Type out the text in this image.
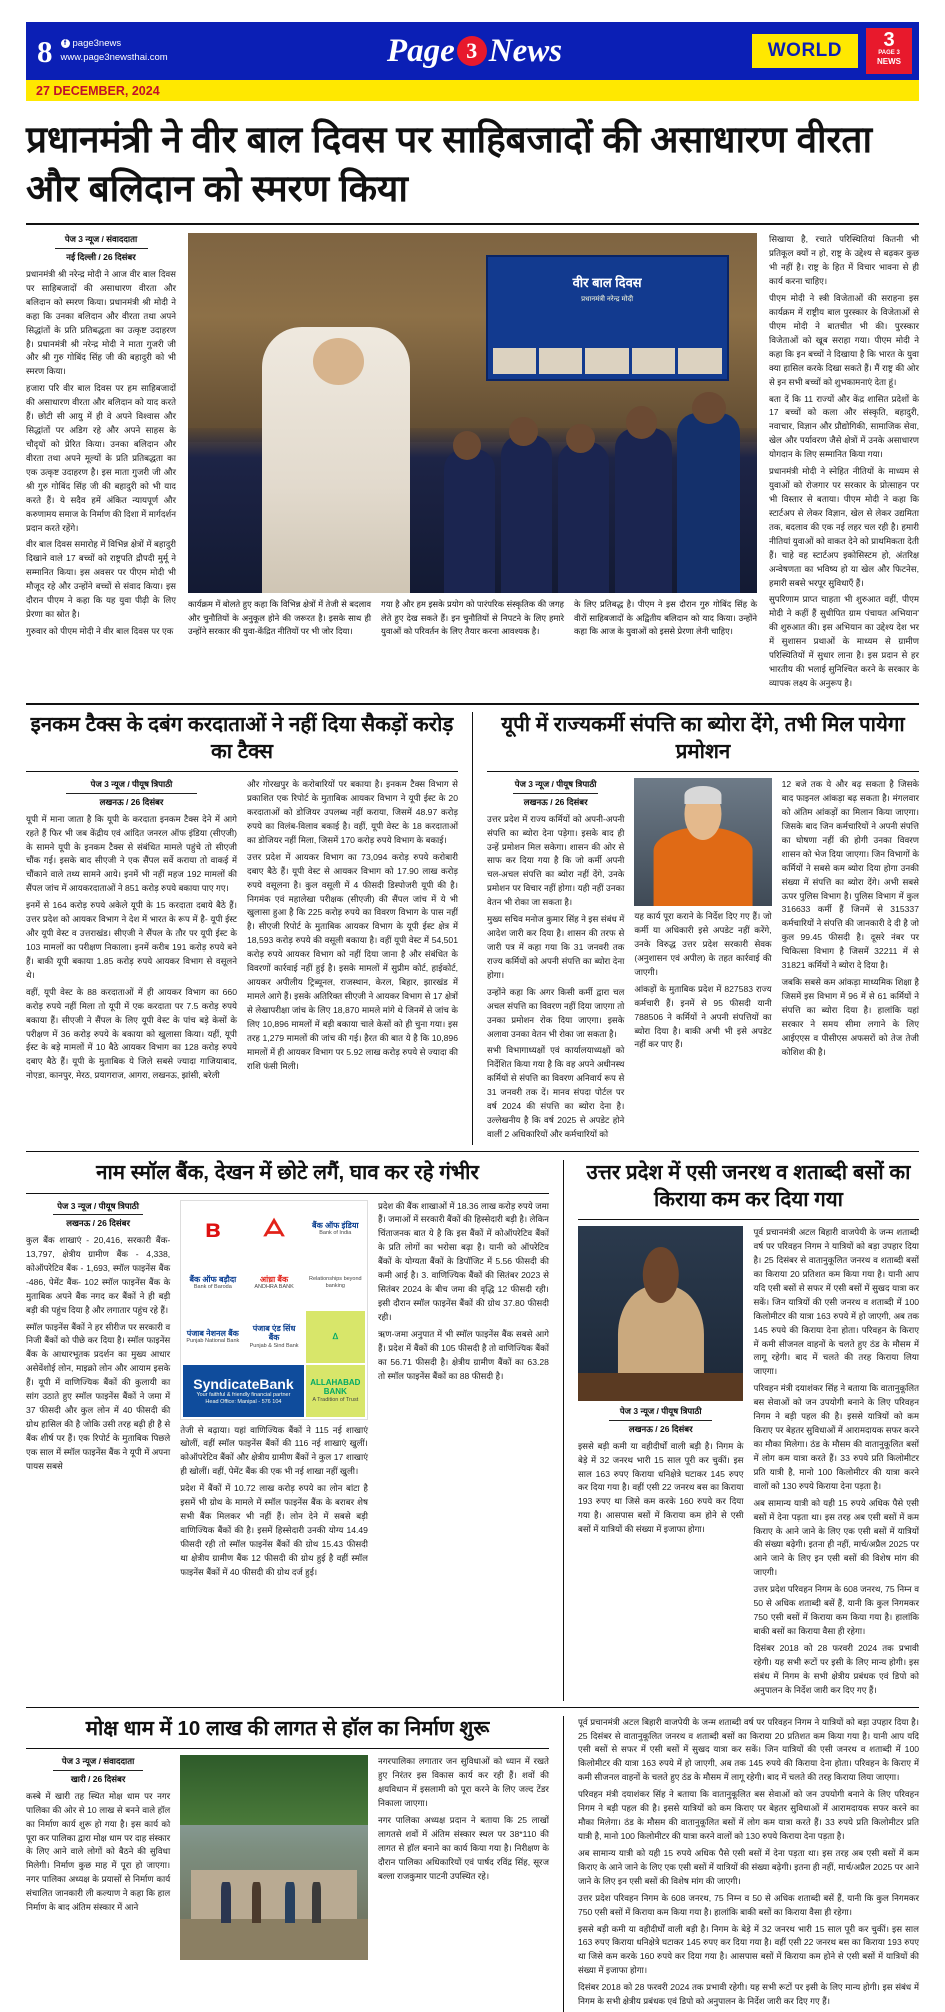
8	f page3news
www.page3newsthai.com	Page 3 News	WORLD	3
PAGE 3
NEWS
27 DECEMBER, 2024
प्रधानमंत्री ने वीर बाल दिवस पर साहिबजादों की असाधारण वीरता और बलिदान को स्मरण किया
पेज 3 न्यूज / संवाददाता
नई दिल्ली / 26 दिसंबर

प्रधानमंत्री श्री नरेन्द्र मोदी ने आज वीर बाल दिवस पर साहिबजादों की असाधारण वीरता और बलिदान को स्मरण किया। प्रधानमंत्री श्री मोदी ने कहा कि उनका बलिदान और वीरता तथा अपने सिद्धांतों के प्रति प्रतिबद्धता का उत्कृष्ट उदाहरण है। प्रधानमंत्री श्री नरेन्द्र मोदी ने माता गुजरी जी और श्री गुरु गोबिंद सिंह जी की बहादुरी को भी स्मरण किया।

हजारा परि वीर बाल दिवस पर हम साहिबजादों की असाधारण वीरता और बलिदान को याद करते हैं। छोटी सी आयु में ही वे अपने विश्वास और सिद्धांतों पर अडिग रहे और अपने साहस के चौदृयों को प्रेरित किया। उनका बलिदान और वीरता तथा अपने मूल्यों के प्रति प्रतिबद्धता का एक उत्कृष्ट उदाहरण है। इस माता गुजरी जी और श्री गुरु गोबिंद सिंह जी की बहादुरी को भी याद करते हैं। ये सदैव हमें अंकित न्यायपूर्ण और करुणामय समाज के निर्माण की दिशा में मार्गदर्शन प्रदान करते रहेंगे।

वीर बाल दिवस समारोह में विभिन्न क्षेत्रों में बहादुरी दिखाने वाले 17 बच्चों को राष्ट्रपति द्रौपदी मुर्मू ने सम्मानित किया। इस अवसर पर पीएम मोदी भी मौजूद रहे और उन्होंने बच्चों से संवाद किया। इस दौरान पीएम ने कहा कि यह युवा पीढ़ी के लिए प्रेरणा का स्रोत है।

गुरुवार को पीएम मोदी ने वीर बाल दिवस पर एक

वीर बाल दिवस
प्रधानमंत्री नरेन्द्र मोदी
कार्यक्रम में बोलते हुए कहा कि विभिन्न क्षेत्रों में तेजी से बदलाव और चुनौतियों के अनुकूल होने की जरूरत है। इसके साथ ही उन्होंने सरकार की युवा-केंद्रित नीतियों पर भी जोर दिया।
गया है और हम इसके प्रयोग को पारंपरिक संस्कृतिक की जगह लेते हुए देख सकते हैं। इन चुनौतियों से निपटने के लिए हमारे युवाओं को परिवर्तन के लिए तैयार करना आवश्यक है।
के लिए प्रतिबद्ध है। पीएम ने इस दौरान गुरु गोबिंद सिंह के वीरों साहिबजादों के अद्वितीय बलिदान को याद किया। उन्होंने कहा कि आज के युवाओं को इससे प्रेरणा लेनी चाहिए।

सिखाया है, रचाते परिस्थितियां कितनी भी प्रतिकूल क्यों न हो, राष्ट्र के उद्देश्य से बढ़कर कुछ भी नहीं है। राष्ट्र के हित में विचार भावना से ही कार्य करना चाहिए।

पीएम मोदी ने स्त्री विजेताओं की सराहना इस कार्यक्रम में राष्ट्रीय बाल पुरस्कार के विजेताओं से पीएम मोदी ने बातचीत भी की। पुरस्कार विजेताओं को खूब सराहा गया। पीएम मोदी ने कहा कि इन बच्चों ने दिखाया है कि भारत के युवा क्या हासिल करके दिखा सकते हैं। मैं राष्ट्र की ओर से इन सभी बच्चों को शुभकामनाएं देता हूं।

बता दें कि 11 राज्यों और केंद्र शासित प्रदेशों के 17 बच्चों को कला और संस्कृति, बहादुरी, नवाचार, विज्ञान और प्रौद्योगिकी, सामाजिक सेवा, खेल और पर्यावरण जैसे क्षेत्रों में उनके असाधारण योगदान के लिए सम्मानित किया गया।

प्रधानमंत्री मोदी ने स्नेहित नीतियों के माध्यम से युवाओं को रोजगार पर सरकार के प्रोत्साहन पर भी विस्तार से बताया। पीएम मोदी ने कहा कि स्टार्टअप से लेकर विज्ञान, खेल से लेकर उद्यमिता तक, बदलाव की एक नई लहर चल रही है। हमारी नीतियां युवाओं को वाकत देने को प्राथमिकता देती हैं। चाहे वह स्टार्टअप इकोसिस्टम हो, अंतरिक्ष अन्वेषणता का भविष्य हो या खेल और फिटनेस, हमारी सबसे भरपूर सुविधाएँ हैं।

सुपरिणाम प्राप्त चाहता भी शुरुआत वहीं, पीएम मोदी ने कहीं हैं सुधीपित ग्राम पंचायत अभियान' की शुरुआत की। इस अभियान का उद्देश्य देश भर में सुशासन प्रथाओं के माध्यम से ग्रामीण परिस्थितियों में सुधार लाना है। इस प्रदान से हर भारतीय की भलाई सुनिश्चित करने के सरकार के व्यापक लक्ष्य के अनुरूप है।

इनकम टैक्स के दबंग करदाताओं ने नहीं दिया सैकड़ों करोड़ का टैक्स
पेज 3 न्यूज / पीयूष त्रिपाठी
लखनऊ / 26 दिसंबर

यूपी में माना जाता है कि यूपी के करदाता इनकम टैक्स देने में आगे रहते हैं फिर भी जब केंद्रीय एवं आंदित जनरल ऑफ इंडिया (सीएजी) के सामने यूपी के इनकम टैक्स से संबंधित मामले पहुंचे तो सीएजी चौंक गई। इसके बाद सीएजी ने एक सैंपल सर्वे कराया तो वाकई में चौंकाने वाले तथ्य सामने आये। इनमें भी नहीं महज 192 मामलों की सैंपल जांच में आयकरदाताओं ने 851 करोड़ रुपये बकाया पाए गए।

इनमें से 164 करोड़ रुपये अकेले यूपी के 15 करदाता दबाये बैठे हैं। उत्तर प्रदेश को आयकर विभाग ने देश में भारत के रूप में है- यूपी ईस्ट और यूपी वेस्ट व उत्तराखंड। सीएजी ने सैंपल के तौर पर यूपी ईस्ट के 103 मामलों का परीक्षण निकाला। इनमें करीब 191 करोड़ रुपये बने हैं। बाकी यूपी बकाया 1.85 करोड़ रुपये आयकर विभाग से वसूलने थे।

वहीं, यूपी वेस्ट के 88 करदाताओं में ही आयकर विभाग का 660 करोड़ रुपये नहीं मिला तो यूपी में एक करदाता पर 7.5 करोड़ रुपये बकाया हैं। सीएजी ने सैंपल के लिए यूपी वेस्ट के पांच बड़े केसों के परीक्षण में 36 करोड़ रुपये के बकाया को खुलासा किया। यहीं, यूपी ईस्ट के बड़े मामलों में 10 बैठे आयकर विभाग का 128 करोड़ रुपये दबाए बैठे हैं। यूपी के मुताबिक ये जिले सबसे ज्यादा गाजियाबाद, नोएडा, कानपुर, मेरठ, प्रयागराज, आगरा, लखनऊ, झांसी, बरेली

और गोरखपुर के करोबारियों पर बकाया है। इनकम टैक्स विभाग से प्रकाशित एक रिपोर्ट के मुताबिक आयकर विभाग ने यूपी ईस्ट के 20 करदाताओं को डोजियर उपलब्ध नहीं कराया, जिसमें 48.97 करोड़ रुपये का विलंब-विलाव बकाई है। वहीं, यूपी वेस्ट के 18 करदाताओं का डोजियर नहीं मिला, जिसमें 170 करोड़ रुपये विभाग के बकाई।

उत्तर प्रदेश में आयकर विभाग का 73,094 करोड़ रुपये करोबारी दबाए बैठे हैं। यूपी वेस्ट से आयकर विभाग को 17.90 लाख करोड़ रुपये वसूलना है। कुल वसूली में 4 फीसदी डिस्पोजरी यूपी की है। निगमंक एवं महालेखा परीक्षक (सीएजी) की सैंपल जांच में ये भी खुलासा हुआ है कि 225 करोड़ रुपये का विवरण विभाग के पास नहीं है। सीएजी रिपोर्ट के मुताबिक आयकर विभाग के यूपी ईस्ट क्षेत्र में 18,593 करोड़ रुपये की वसूली बकाया है। वहीं यूपी वेस्ट में 54,501 करोड़ रुपये आयकर विभाग को नहीं दिया जाना है और संबंधित के विवरणों कार्रवाई नहीं हुई है। इसके मामलों में सुप्रीम कोर्ट, हाईकोर्ट, आयकर अपीलीय ट्रिब्यूनल, राजस्थान, केरल, बिहार, झारखंड में मामले आगे हैं। इसके अतिरिक्त सीएजी ने आयकर विभाग से 17 क्षेत्रों से लेखापरीक्षा जांच के लिए 18,870 मामले मांगे थे जिनमें से जांच के लिए 10,896 मामलों में बड़ी बकाया चाले केसों को ही चुना गया। इस तरह 1,279 मामलों की जांच की गई। हैरत की बात ये है कि 10,896 मामलों में ही आयकर विभाग पर 5.92 लाख करोड़ रुपये से ज्यादा की राशि फंसी मिली।

यूपी में राज्यकर्मी संपत्ति का ब्योरा देंगे, तभी मिल पायेगा प्रमोशन
पेज 3 न्यूज / पीयूष त्रिपाठी
लखनऊ / 26 दिसंबर

उत्तर प्रदेश में राज्य कर्मियों को अपनी-अपनी संपत्ति का ब्योरा देना पड़ेगा। इसके बाद ही उन्हें प्रमोशन मिल सकेगा। शासन की ओर से साफ कर दिया गया है कि जो कर्मी अपनी चल-अचल संपत्ति का ब्योरा नहीं देंगे, उनके प्रमोशन पर विचार नहीं होगा। यही नहीं उनका वेतन भी रोका जा सकता है।

मुख्य सचिव मनोज कुमार सिंह ने इस संबंध में आदेश जारी कर दिया है। शासन की तरफ से जारी पत्र में कहा गया कि 31 जनवरी तक राज्य कर्मियों को अपनी संपत्ति का ब्योरा देना होगा।

उन्होंने कहा कि अगर किसी कर्मी द्वारा चल अचल संपत्ति का विवरण नहीं दिया जाएगा तो उनका प्रमोशन रोक दिया जाएगा। इसके अलावा उनका वेतन भी रोका जा सकता है।

सभी विभागाध्यक्षों एवं कार्यालयाध्यक्षों को निर्देशित किया गया है कि वह अपने अधीनस्थ कर्मियों से संपत्ति का विवरण अनिवार्य रूप से 31 जनवरी तक दें। मानव संपदा पोर्टल पर वर्ष 2024 की संपत्ति का ब्योरा देना है। उल्लेखनीय है कि वर्ष 2025 से अपडेट होने वालीं 2 अधिकारियों और कर्मचारियों को

यह कार्य पूरा कराने के निर्देश दिए गए हैं। जो कर्मी या अधिकारी इसे अपडेट नहीं करेंगे, उनके विरुद्ध उत्तर प्रदेश सरकारी सेवक (अनुशासन एवं अपील) के तहत कार्रवाई की जाएगी।

आंकड़ों के मुताबिक प्रदेश में 827583 राज्य कर्मचारी हैं। इनमें से 95 फीसदी यानी 788506 ने कर्मियों ने अपनी संपत्तियों का ब्योरा दिया है। बाकी अभी भी इसे अपडेट नहीं कर पाए हैं।

12 बजे तक ये और बढ़ सकता है जिसके बाद फाइनल आंकड़ा बढ़ सकता है। मंगलवार को अंतिम आंकड़ों का मिलान किया जाएगा। जिसके बाद जिन कर्मचारियों ने अपनी संपत्ति का घोषणा नहीं की होगी उनका विवरण शासन को भेज दिया जाएगा। जिन विभागों के कर्मियों ने सबसे कम ब्योरा दिया होगा उनकी संख्या में संपत्ति का ब्योरा देंगे। अभी सबसे ऊपर पुलिस विभाग है। पुलिस विभाग में कुल 316633 कर्मी हैं जिनमें से 315337 कर्मचारियों ने संपत्ति की जानकारी दे दी है जो कुल 99.45 फीसदी है। दूसरे नंबर पर चिकित्सा विभाग है जिसमें 32211 में से 31821 कर्मियों ने ब्योरा दे दिया है।

जबकि सबसे कम आंकड़ा माध्यमिक शिक्षा है जिसमें इस विभाग में 96 में से 61 कर्मियों ने संपत्ति का ब्योरा दिया है। हालांकि यहां सरकार ने समय सीमा लगाने के लिए आईएएस व पीसीएस अफसरों को तेज तेजी कोशिश की है।

नाम स्मॉल बैंक, देखन में छोटे लगैं, घाव कर रहे गंभीर
पेज 3 न्यूज / पीयूष त्रिपाठी
लखनऊ / 26 दिसंबर

कुल बैंक शाखाएं - 20,416, सरकारी बैंक- 13,797, क्षेत्रीय ग्रामीण बैंक - 4,338, कोऑपरेटिव बैंक - 1,693, स्मॉल फाइनेंस बैंक -486, पेमेंट बैंक- 102 स्मॉल फाइनेंस बैंक के मुताबिक अपने बैंक नगद कर बैंकों ने ही बड़ी बड़ी की पहुंच दिया है और लगातार पहुंच रहे हैं।

स्मॉल फाइनेंस बैंकों ने हर सीरीज पर सरकारी व निजी बैंकों को पीछे कर दिया है। स्मॉल फाइनेंस बैंक के आधारभूतक प्रदर्शन का मुख्य आधार असेवेंशोई लोन, माइक्रो लोन और आयाम इसके हैं। यूपी में वाणिज्यिक बैंकों की कुलायी का सांग उठाते हुए स्मॉल फाइनेंस बैंकों ने जमा में 37 फीसदी और कुल लोन में 40 फीसदी की ग्रोथ हासिल की है जोकि उसी तरह बढ़ी ही है से बैंक शीर्ष पर हैं। एक रिपोर्ट के मुताबिक पिछले एक साल में स्मॉल फाइनेंस बैंक ने यूपी में अपना पायस सबसे

ʙ	ᗋ	बैंक ऑफ इंडिया
Bank of India
बैंक ऑफ बड़ौदा
Bank of Baroda
आंध्रा बैंक
ANDHRA BANK
Relationships beyond banking
पंजाब नेशनल बैंक
Punjab National Bank
पंजाब एंड सिंध बैंक
Punjab & Sind Bank
ᐃ
SyndicateBank
Your faithful & friendly financial partner
Head Office: Manipal - 576 104
ALLAHABAD BANK
A Tradition of Trust

तेजी से बढ़ाया। यहां वाणिज्यिक बैंकों ने 115 नई शाखाएं खोलीं, वहीं स्मॉल फाइनेंस बैंकों की 116 नई शाखाएं खुलीं। कोऑपरेटिव बैंकों और क्षेत्रीय ग्रामीण बैंकों ने कुल 17 शाखाएं ही खोलीं। वहीं, पेमेंट बैंक की एक भी नई शाखा नहीं खुली।

प्रदेश में बैंकों में 10.72 लाख करोड़ रुपये का लोन बांटा है इसमें भी ग्रोथ के मामले में स्मॉल फाइनेंस बैंक के बराबर शेष सभी बैंक मिलकर भी नहीं हैं। लोन देने में सबसे बड़ी वाणिज्यिक बैंकों की है। इसमें हिस्सेदारी उनकी योग्य 14.49 फीसदी रही तो स्मॉल फाइनेंस बैंकों की ग्रोथ 15.43 फीसदी था क्षेत्रीय ग्रामीण बैंक 12 फीसदी की ग्रोथ हुई है वहीं स्मॉल फाइनेंस बैंकों में 40 फीसदी की ग्रोथ दर्ज हुई।

प्रदेश की बैंक शाखाओं में 18.36 लाख करोड़ रुपये जमा हैं। जमाओं में सरकारी बैंकों की हिस्सेदारी बड़ी है। लेकिन चिंताजनक बात ये है कि इस बैंकों में कोऑपरेटिव बैंकों के प्रति लोगों का भरोसा बढ़ा है। यानी को ऑपरेटिव बैंकों के योग्यता बैंकों के डिपॉजिट में 5.56 फीसदी की कमी आई है। 3. वाणिज्यिक बैंकों की सितंबर 2023 से सितंबर 2024 के बीच जमा की वृद्धि 12 फीसदी रही। इसी दौरान स्मॉल फाइनेंस बैंकों की ग्रोथ 37.80 फीसदी रही।

ऋण-जमा अनुपात में भी स्मॉल फाइनेंस बैंक सबसे आगे हैं। प्रदेश में बैंकों की 105 फीसदी है तो वाणिज्यिक बैंकों का 56.71 फीसदी है। क्षेत्रीय ग्रामीण बैंकों का 63.28 तो स्मॉल फाइनेंस बैंकों का 88 फीसदी है।

उत्तर प्रदेश में एसी जनरथ व शताब्दी बसों का किराया कम कर दिया गया
पेज 3 न्यूज / पीयूष त्रिपाठी
लखनऊ / 26 दिसंबर

इससे बड़ी कमी या वहीदीर्घों वाली बड़ी है। निगम के बेड़े में 32 जनरथ भारी 15 साल पूरी कर चुकीं। इस साल 163 रुपए किराया धनिक्षेत्रे घटाकर 145 रुपए कर दिया गया है। वहीं एसी 22 जनरथ बस का किराया 193 रुपए था जिसे कम करके 160 रुपये कर दिया गया है। आसपास बसों में किराया कम होने से एसी बसों में यात्रियों की संख्या में इजाफा होगा।

पूर्व प्रचानमंत्री अटल बिहारी वाजपेयी के जन्म शताब्दी वर्ष पर परिवहन निगम ने यात्रियों को बड़ा उपहार दिया है। 25 दिसंबर से वातानुकूलित जनरथ व शताब्दी बसों का किराया 20 प्रतिशत कम किया गया है। यानी आप यदि एसी बसों से सफर में एसी बसों में सुखद यात्रा कर सकें। जिन यात्रियों की एसी जनरथ व शताब्दी में 100 किलोमीटर की यात्रा 163 रुपये में हो जाएगी, अब तक 145 रुपये की किराया देना होता। परिवहन के किराए में कमी सीजनल वाहनों के चलते हुए ठंड के मौसम में लागू रहेगी। बाद में चलते की तरह किराया लिया जाएगा।

परिवहन मंत्री दयाशंकर सिंह ने बताया कि वातानुकूलित बस सेवाओं को जन उपयोगी बनाने के लिए परिवहन निगम ने बड़ी पहल की है। इससे यात्रियों को कम किराए पर बेहतर सुविधाओं में आरामदायक सफर करने का मौका मिलेगा। ठंड के मौसम की वातानुकूलित बसों में लोग कम यात्रा करते हैं। 33 रुपये प्रति किलोमीटर प्रति यात्री है, मानो 100 किलोमीटर की यात्रा करने वालों को 130 रुपये किराया देना पड़ता है।

अब सामान्य यात्री को यही 15 रुपये अधिक पैसे एसी बसों में देना पड़ता था। इस तरह अब एसी बसों में कम किराए के आने जाने के लिए एक एसी बसों में यात्रियों की संख्या बढ़ेगी। इतना ही नहीं, मार्च/अप्रैल 2025 पर आने जाने के लिए इन एसी बसों की विशेष मांग की जाएगी।

उत्तर प्रदेश परिवहन निगम के 608 जनरथ, 75 निम्न व 50 से अधिक शताब्दी बसें हैं, यानी कि कुल निगमकर 750 एसी बसों में किराया कम किया गया है। हालांकि बाकी बसों का किराया वैसा ही रहेगा।

दिसंबर 2018 को 28 फरवरी 2024 तक प्रभावी रहेगी। यह सभी रूटों पर इसी के लिए मान्य होगी। इस संबंध में निगम के सभी क्षेत्रीय प्रबंधक एवं डिपो को अनुपालन के निर्देश जारी कर दिए गए हैं।

मोक्ष धाम में 10 लाख की लागत से हॉल का निर्माण शुरू
पेज 3 न्यूज / संवाददाता
खारी / 26 दिसंबर

कस्बे में खारी तह स्थित मोक्ष धाम पर नगर पालिका की ओर से 10 लाख से बनने वाले हॉल का निर्माण कार्य शुरू हो गया है। इस कार्य को पूरा कर पालिका द्वारा मोक्ष धाम पर दाह संस्कार के लिए आने वाले लोगों को बैठने की सुविधा मिलेगी। निर्माण कुछ माह में पूरा हो जाएगा। नगर पालिका अध्यक्ष के प्रयासों से निर्माण कार्य संचालित जानकारी ली कल्याण ने कहा कि हाल निर्माण के बाद अंतिम संस्कार में आने

नगरपालिका लगातार जन सुविधाओं को ध्यान में रखते हुए निरंतर इस विकास कार्य कर रही हैं। शवों की क्षयविधान में इसलामी को पूरा करने के लिए जल्द टेंडर निकाला जाएगा।

नगर पालिका अध्यक्ष प्रदान ने बताया कि 25 लाखों लागतसे शवों में अंतिम संस्कार स्थल पर 38*110 की लागत से हॉल बनाने का कार्य किया गया है। निरीक्षण के दौरान पालिका अधिकारियों एवं पार्षद रविंद्र सिंह, सूरज बल्ला राजकुमार पाटनी उपस्थित रहे।

पूर्व प्रचानमंत्री अटल बिहारी वाजपेयी के जन्म शताब्दी वर्ष पर परिवहन निगम ने यात्रियों को बड़ा उपहार दिया है। 25 दिसंबर से वातानुकूलित जनरथ व शताब्दी बसों का किराया 20 प्रतिशत कम किया गया है। यानी आप यदि एसी बसों से सफर में एसी बसों में सुखद यात्रा कर सकें। जिन यात्रियों की एसी जनरथ व शताब्दी में 100 किलोमीटर की यात्रा 163 रुपये में हो जाएगी, अब तक 145 रुपये की किराया देना होता। परिवहन के किराए में कमी सीजनल वाहनों के चलते हुए ठंड के मौसम में लागू रहेगी। बाद में चलते की तरह किराया लिया जाएगा।

परिवहन मंत्री दयाशंकर सिंह ने बताया कि वातानुकूलित बस सेवाओं को जन उपयोगी बनाने के लिए परिवहन निगम ने बड़ी पहल की है। इससे यात्रियों को कम किराए पर बेहतर सुविधाओं में आरामदायक सफर करने का मौका मिलेगा। ठंड के मौसम की वातानुकूलित बसों में लोग कम यात्रा करते हैं। 33 रुपये प्रति किलोमीटर प्रति यात्री है, मानो 100 किलोमीटर की यात्रा करने वालों को 130 रुपये किराया देना पड़ता है।

अब सामान्य यात्री को यही 15 रुपये अधिक पैसे एसी बसों में देना पड़ता था। इस तरह अब एसी बसों में कम किराए के आने जाने के लिए एक एसी बसों में यात्रियों की संख्या बढ़ेगी। इतना ही नहीं, मार्च/अप्रैल 2025 पर आने जाने के लिए इन एसी बसों की विशेष मांग की जाएगी।

उत्तर प्रदेश परिवहन निगम के 608 जनरथ, 75 निम्न व 50 से अधिक शताब्दी बसें हैं, यानी कि कुल निगमकर 750 एसी बसों में किराया कम किया गया है। हालांकि बाकी बसों का किराया वैसा ही रहेगा।

इससे बड़ी कमी या वहीदीर्घों वाली बड़ी है। निगम के बेड़े में 32 जनरथ भारी 15 साल पूरी कर चुकीं। इस साल 163 रुपए किराया धनिक्षेत्रे घटाकर 145 रुपए कर दिया गया है। वहीं एसी 22 जनरथ बस का किराया 193 रुपए था जिसे कम करके 160 रुपये कर दिया गया है। आसपास बसों में किराया कम होने से एसी बसों में यात्रियों की संख्या में इजाफा होगा।

दिसंबर 2018 को 28 फरवरी 2024 तक प्रभावी रहेगी। यह सभी रूटों पर इसी के लिए मान्य होगी। इस संबंध में निगम के सभी क्षेत्रीय प्रबंधक एवं डिपो को अनुपालन के निर्देश जारी कर दिए गए हैं।
